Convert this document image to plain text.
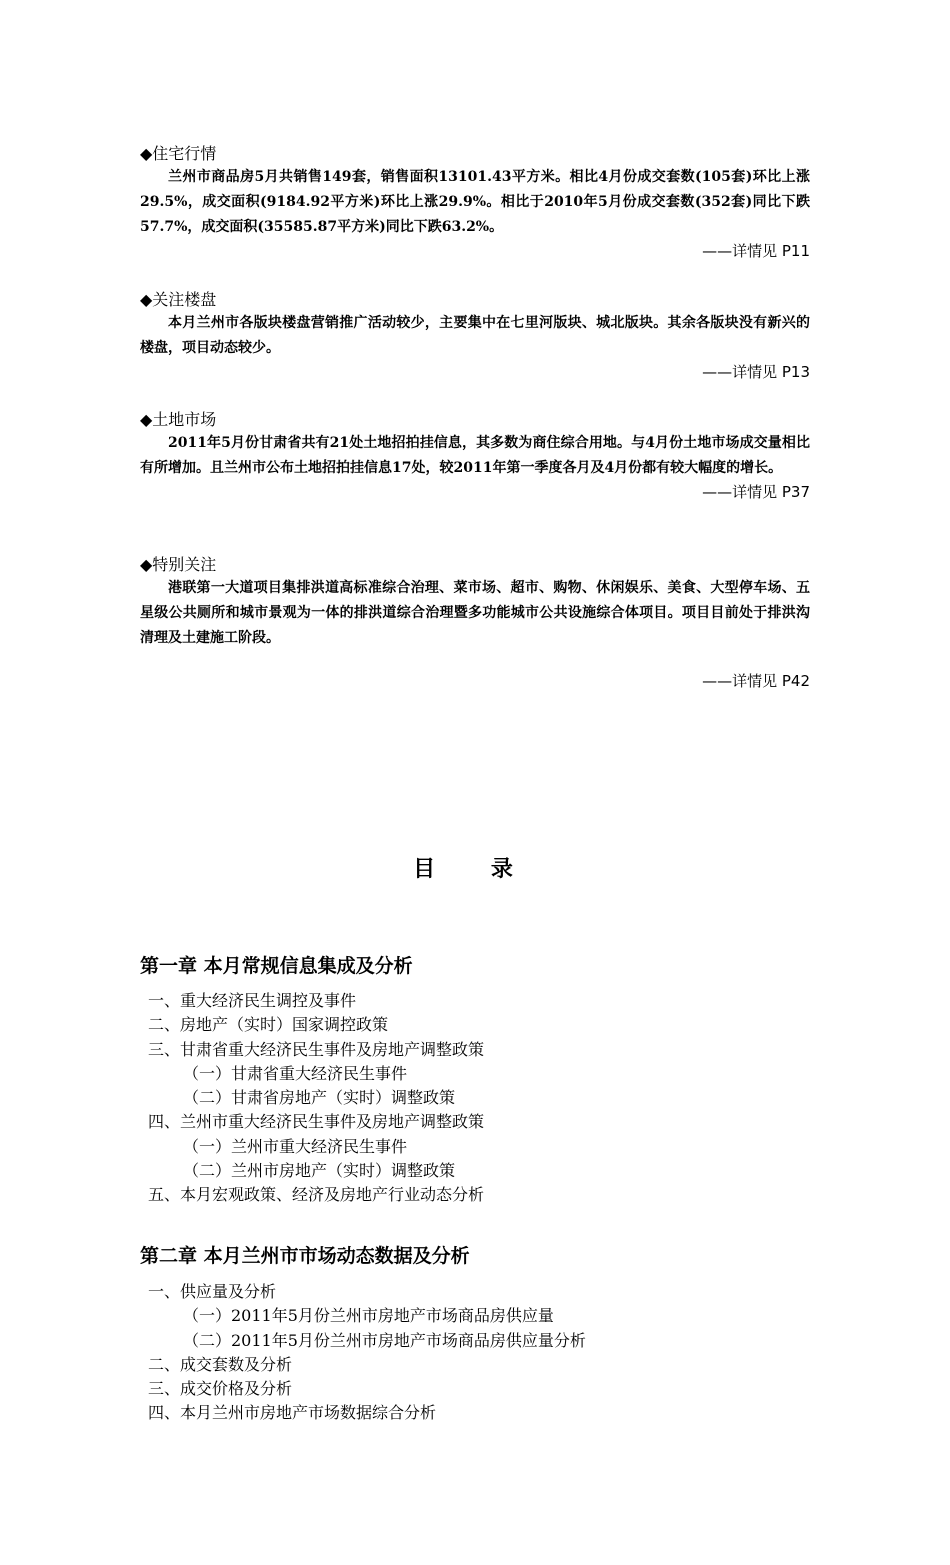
◆住宅行情

兰州市商品房5月共销售149套，销售面积13101.43平方米。相比4月份成交套数(105套)环比上涨29.5%，成交面积(9184.92平方米)环比上涨29.9%。相比于2010年5月份成交套数(352套)同比下跌57.7%，成交面积(35585.87平方米)同比下跌63.2%。

——详情见 P11
◆关注楼盘

本月兰州市各版块楼盘营销推广活动较少，主要集中在七里河版块、城北版块。其余各版块没有新兴的楼盘，项目动态较少。

——详情见 P13
◆土地市场

2011年5月份甘肃省共有21处土地招拍挂信息，其多数为商住综合用地。与4月份土地市场成交量相比有所增加。且兰州市公布土地招拍挂信息17处，较2011年第一季度各月及4月份都有较大幅度的增长。

——详情见 P37
◆特别关注

港联第一大道项目集排洪道高标准综合治理、菜市场、超市、购物、休闲娱乐、美食、大型停车场、五星级公共厕所和城市景观为一体的排洪道综合治理暨多功能城市公共设施综合体项目。项目目前处于排洪沟清理及土建施工阶段。

——详情见 P42
目 录
第一章 本月常规信息集成及分析
一、重大经济民生调控及事件
二、房地产（实时）国家调控政策
三、甘肃省重大经济民生事件及房地产调整政策
（一）甘肃省重大经济民生事件
（二）甘肃省房地产（实时）调整政策
四、兰州市重大经济民生事件及房地产调整政策
（一）兰州市重大经济民生事件
（二）兰州市房地产（实时）调整政策
五、本月宏观政策、经济及房地产行业动态分析
第二章 本月兰州市市场动态数据及分析
一、供应量及分析
（一）2011年5月份兰州市房地产市场商品房供应量
（二）2011年5月份兰州市房地产市场商品房供应量分析
二、成交套数及分析
三、成交价格及分析
四、本月兰州市房地产市场数据综合分析
